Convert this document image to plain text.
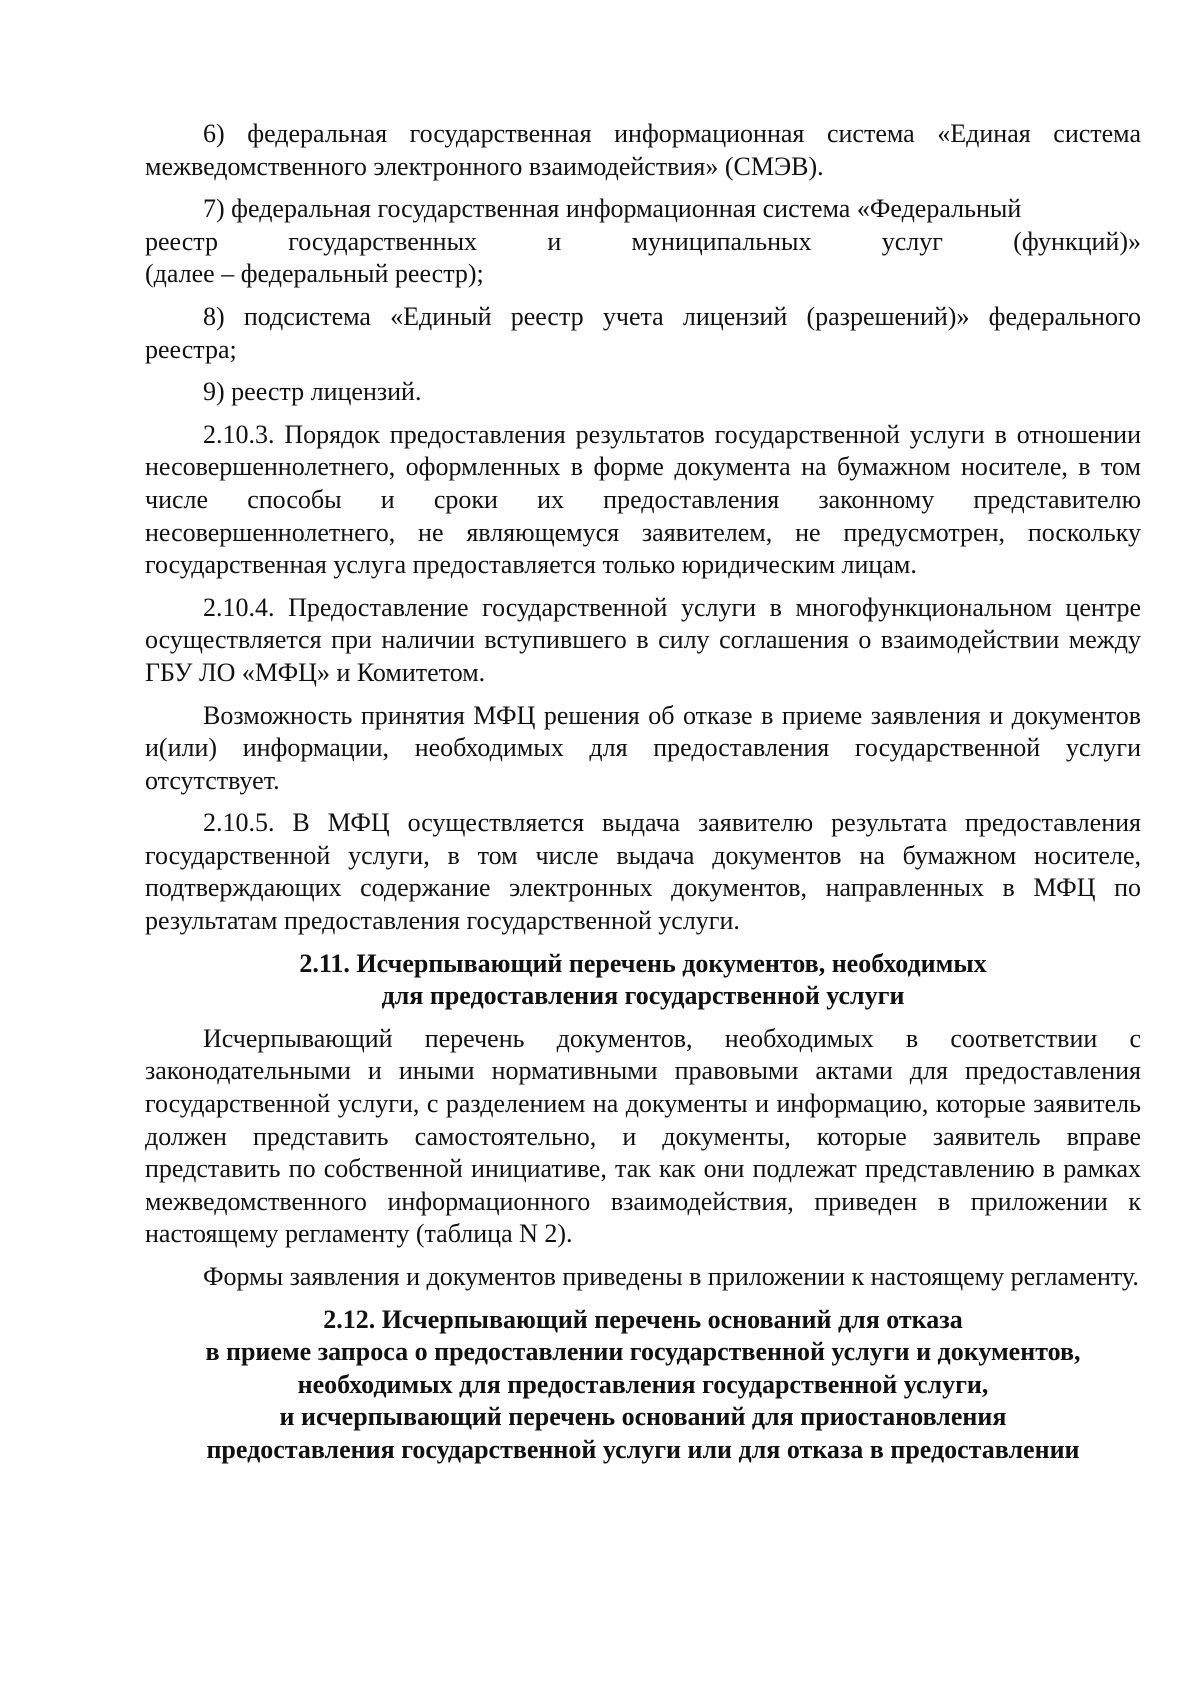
6) федеральная государственная информационная система «Единая система межведомственного электронного взаимодействия» (СМЭВ).

7) федеральная государственная информационная система «Федеральный
реестр	государственных	и	муниципальных	услуг	(функций)»
(далее – федеральный реестр);

8) подсистема «Единый реестр учета лицензий (разрешений)» федерального реестра;

9) реестр лицензий.

2.10.3. Порядок предоставления результатов государственной услуги в отношении несовершеннолетнего, оформленных в форме документа на бумажном носителе, в том числе способы и сроки их предоставления законному представителю несовершеннолетнего, не являющемуся заявителем, не предусмотрен, поскольку государственная услуга предоставляется только юридическим лицам.

2.10.4. Предоставление государственной услуги в многофункциональном центре осуществляется при наличии вступившего в силу соглашения о взаимодействии между ГБУ ЛО «МФЦ» и Комитетом.

Возможность принятия МФЦ решения об отказе в приеме заявления и документов и(или) информации, необходимых для предоставления государственной услуги отсутствует.

2.10.5. В МФЦ осуществляется выдача заявителю результата предоставления государственной услуги, в том числе выдача документов на бумажном носителе, подтверждающих содержание электронных документов, направленных в МФЦ по результатам предоставления государственной услуги.

2.11. Исчерпывающий перечень документов, необходимых
для предоставления государственной услуги

Исчерпывающий перечень документов, необходимых в соответствии с законодательными и иными нормативными правовыми актами для предоставления государственной услуги, с разделением на документы и информацию, которые заявитель должен представить самостоятельно, и документы, которые заявитель вправе представить по собственной инициативе, так как они подлежат представлению в рамках межведомственного информационного взаимодействия, приведен в приложении к настоящему регламенту (таблица N 2).

Формы заявления и документов приведены в приложении к настоящему регламенту.

2.12. Исчерпывающий перечень оснований для отказа
в приеме запроса о предоставлении государственной услуги и документов,
необходимых для предоставления государственной услуги,
и исчерпывающий перечень оснований для приостановления
предоставления государственной услуги или для отказа в предоставлении
